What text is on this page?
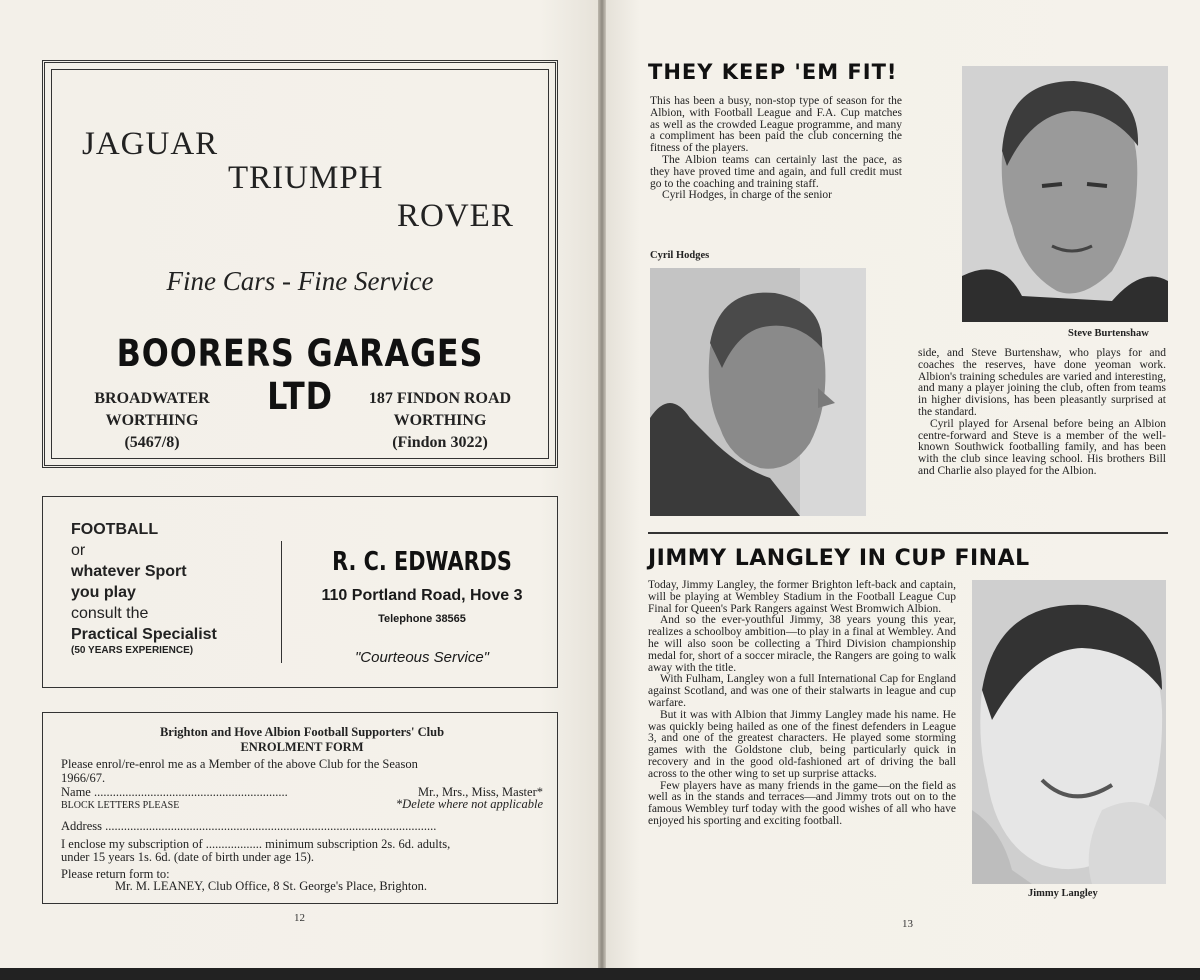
JAGUAR
TRIUMPH
ROVER
Fine Cars - Fine Service
BOORERS GARAGES LTD
BROADWATER
WORTHING
(5467/8)
187 FINDON ROAD
WORTHING
(Findon 3022)
FOOTBALL
or
whatever Sport
you play
consult the
Practical Specialist
(50 YEARS EXPERIENCE)
R. C. EDWARDS
110 Portland Road, Hove 3
Telephone 38565
"Courteous Service"
Brighton and Hove Albion Football Supporters' Club
ENROLMENT FORM
Please enrol/re-enrol me as a Member of the above Club for the Season
1966/67.
Name ..............................................................	Mr., Mrs., Miss, Master*
BLOCK LETTERS PLEASE	*Delete where not applicable
Address ..........................................................................................................
I enclose my subscription of .................. minimum subscription 2s. 6d. adults,
under 15 years 1s. 6d. (date of birth under age 15).
Please return form to:
Mr. M. LEANEY, Club Office, 8 St. George's Place, Brighton.
12
THEY KEEP 'EM FIT!

This has been a busy, non-stop type of season for the Albion, with Football League and F.A. Cup matches as well as the crowded League programme, and many a compliment has been paid the club concerning the fitness of the players.

The Albion teams can certainly last the pace, as they have proved time and again, and full credit must go to the coaching and training staff.

Cyril Hodges, in charge of the senior

Cyril Hodges
Steve Burtenshaw

side, and Steve Burtenshaw, who plays for and coaches the reserves, have done yeoman work. Albion's training schedules are varied and interesting, and many a player joining the club, often from teams in higher divisions, has been pleasantly surprised at the standard.

Cyril played for Arsenal before being an Albion centre-forward and Steve is a member of the well-known Southwick footballing family, and has been with the club since leaving school. His brothers Bill and Charlie also played for the Albion.

JIMMY LANGLEY IN CUP FINAL

Today, Jimmy Langley, the former Brighton left-back and captain, will be playing at Wembley Stadium in the Football League Cup Final for Queen's Park Rangers against West Bromwich Albion.

And so the ever-youthful Jimmy, 38 years young this year, realizes a schoolboy ambition—to play in a final at Wembley. And he will also soon be collecting a Third Division championship medal for, short of a soccer miracle, the Rangers are going to walk away with the title.

With Fulham, Langley won a full International Cap for England against Scotland, and was one of their stalwarts in league and cup warfare.

But it was with Albion that Jimmy Langley made his name. He was quickly being hailed as one of the finest defenders in League 3, and one of the greatest characters. He played some storming games with the Goldstone club, being particularly quick in recovery and in the good old-fashioned art of driving the ball across to the other wing to set up surprise attacks.

Few players have as many friends in the game—on the field as well as in the stands and terraces—and Jimmy trots out on to the famous Wembley turf today with the good wishes of all who have enjoyed his sporting and exciting football.

Jimmy Langley
13
